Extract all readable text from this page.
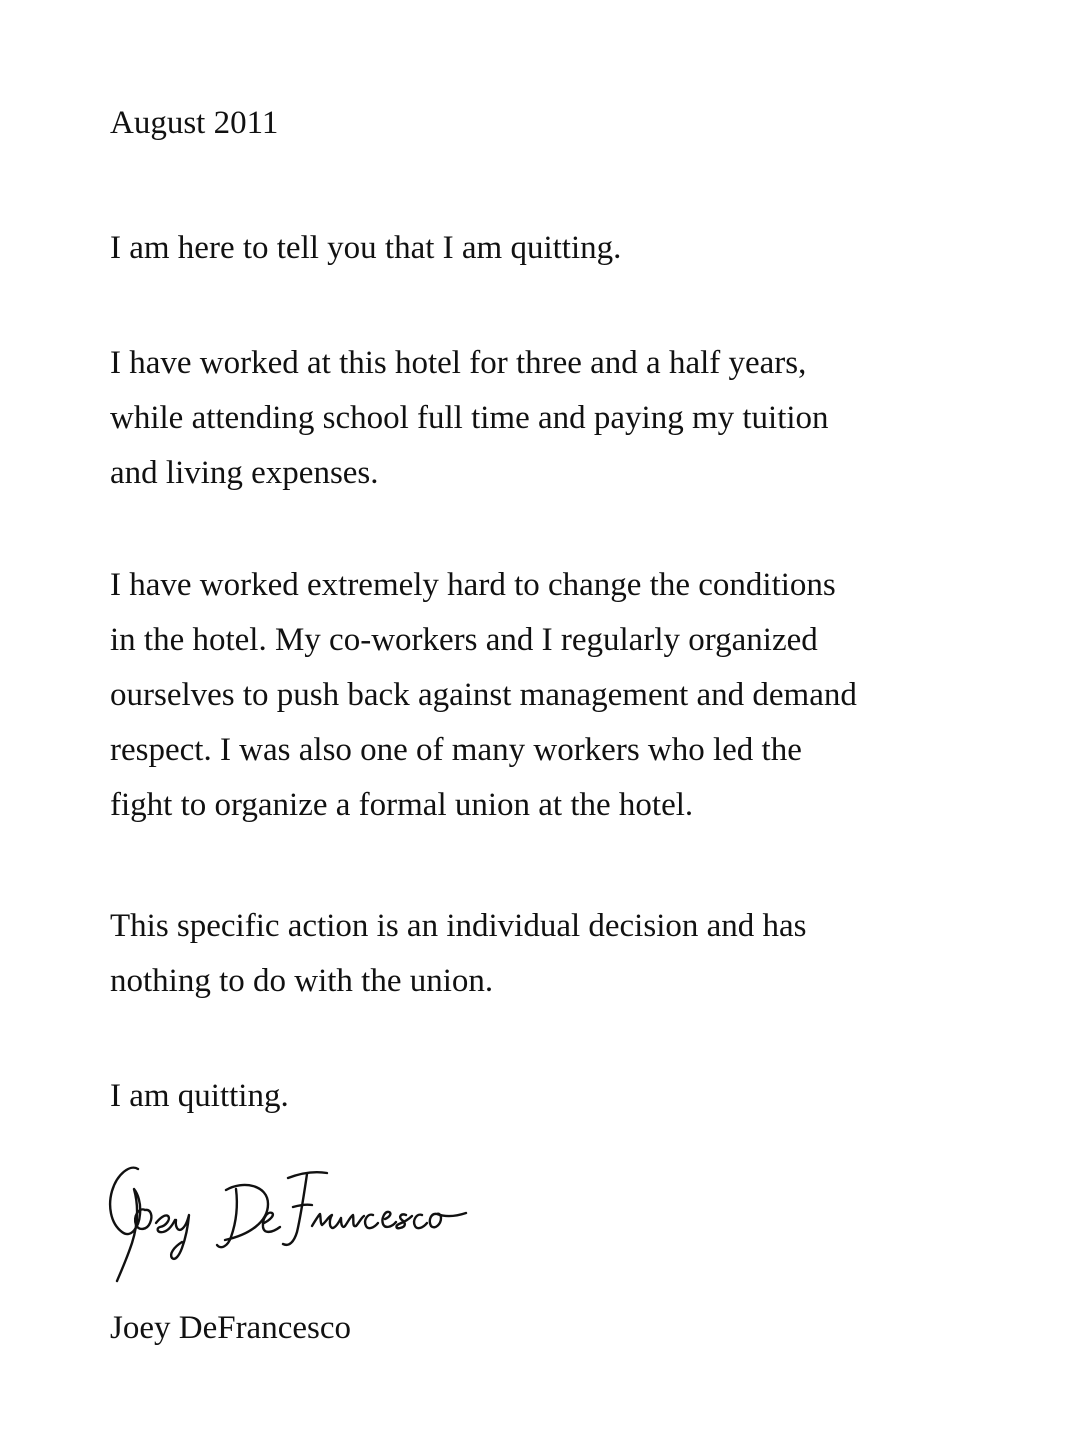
August 2011

I am here to tell you that I am quitting.

I have worked at this hotel for three and a half years,
while attending school full time and paying my tuition
and living expenses.

I have worked extremely hard to change the conditions
in the hotel. My co-workers and I regularly organized
ourselves to push back against management and demand
respect. I was also one of many workers who led the
fight to organize a formal union at the hotel.

This specific action is an individual decision and has
nothing to do with the union.

I am quitting.

Joey DeFrancesco
